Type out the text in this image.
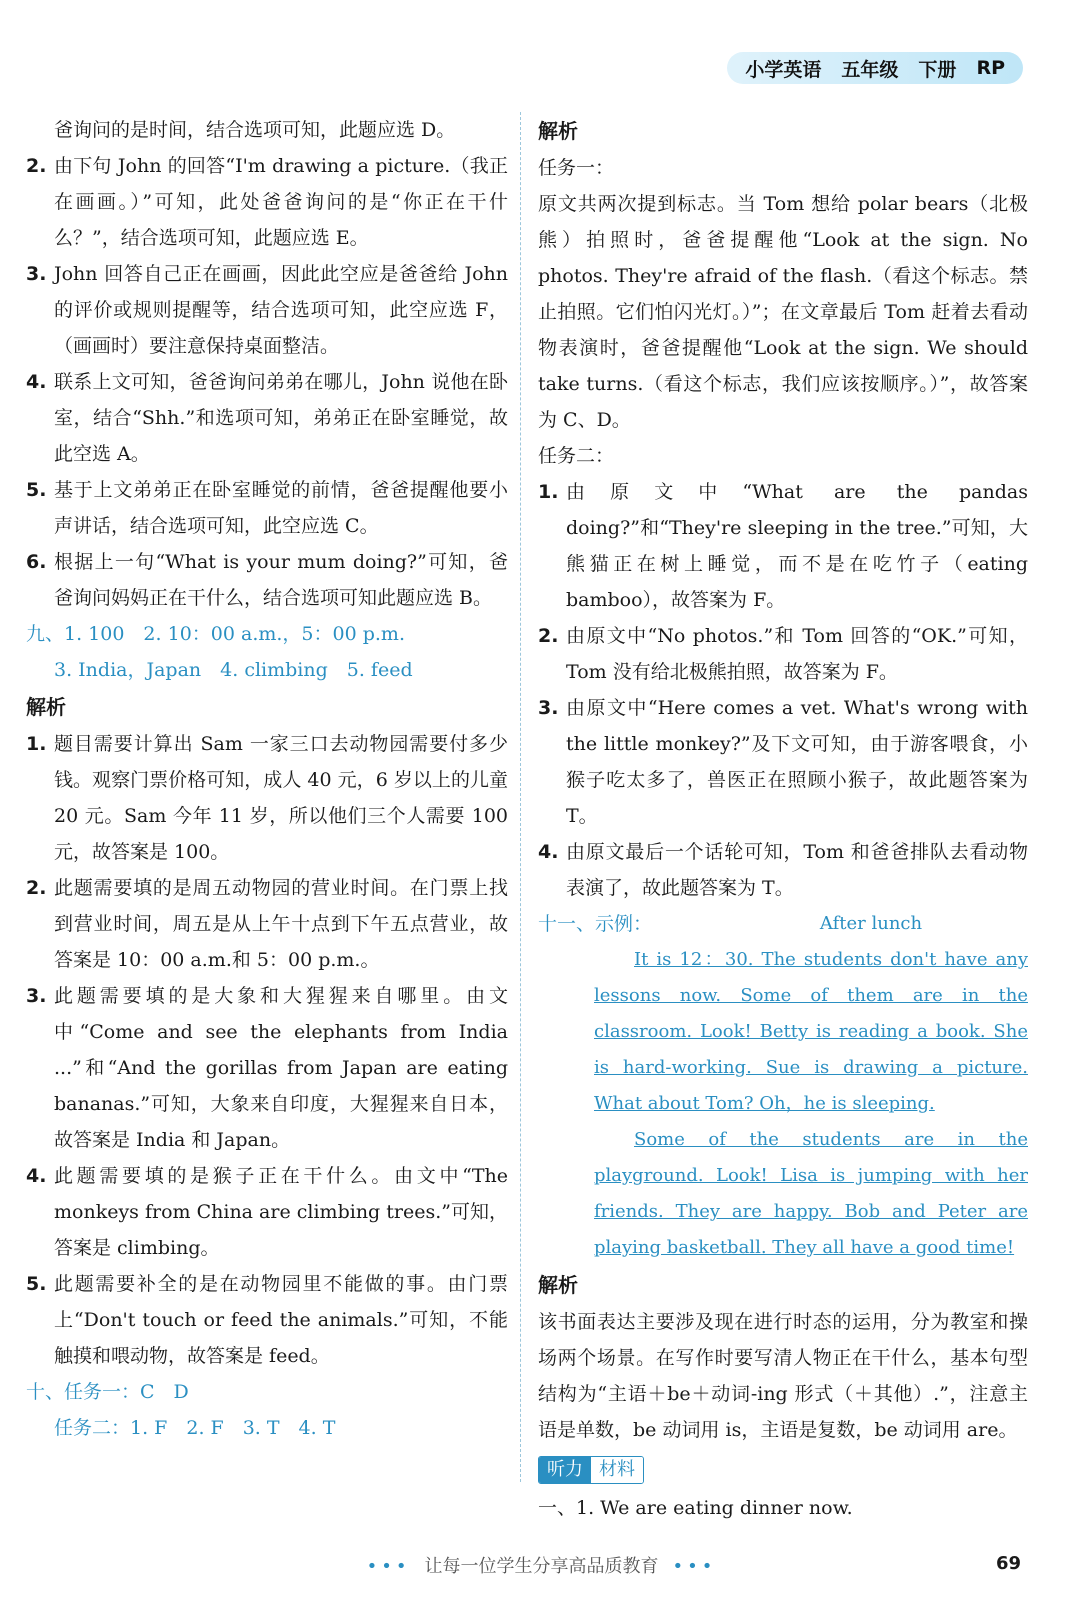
小学英语 五年级 下册 RP
爸询问的是时间，结合选项可知，此题应选 D。
2. 由下句 John 的回答“I'm drawing a picture.（我正在画画。）”可知，此处爸爸询问的是“你正在干什么？”，结合选项可知，此题应选 E。
3. John 回答自己正在画画，因此此空应是爸爸给 John 的评价或规则提醒等，结合选项可知，此空应选 F，（画画时）要注意保持桌面整洁。
4. 联系上文可知，爸爸询问弟弟在哪儿，John 说他在卧室，结合“Shh.”和选项可知，弟弟正在卧室睡觉，故此空选 A。
5. 基于上文弟弟正在卧室睡觉的前情，爸爸提醒他要小声讲话，结合选项可知，此空应选 C。
6. 根据上一句“What is your mum doing?”可知，爸爸询问妈妈正在干什么，结合选项可知此题应选 B。
九、1. 100　2. 10：00 a.m.，5：00 p.m.
3. India，Japan　4. climbing　5. feed
解析
1. 题目需要计算出 Sam 一家三口去动物园需要付多少钱。观察门票价格可知，成人 40 元，6 岁以上的儿童 20 元。Sam 今年 11 岁，所以他们三个人需要 100 元，故答案是 100。
2. 此题需要填的是周五动物园的营业时间。在门票上找到营业时间，周五是从上午十点到下午五点营业，故答案是 10：00 a.m.和 5：00 p.m.。
3. 此题需要填的是大象和大猩猩来自哪里。由文中“Come and see the elephants from India ...”和“And the gorillas from Japan are eating bananas.”可知，大象来自印度，大猩猩来自日本，故答案是 India 和 Japan。
4. 此题需要填的是猴子正在干什么。由文中“The monkeys from China are climbing trees.”可知，答案是 climbing。
5. 此题需要补全的是在动物园里不能做的事。由门票上“Don't touch or feed the animals.”可知，不能触摸和喂动物，故答案是 feed。
十、任务一：C　D
任务二：1. F　2. F　3. T　4. T
解析
任务一：
原文共两次提到标志。当 Tom 想给 polar bears（北极熊）拍照时，爸爸提醒他“Look at the sign. No photos. They're afraid of the flash.（看这个标志。禁止拍照。它们怕闪光灯。）”；在文章最后 Tom 赶着去看动物表演时，爸爸提醒他“Look at the sign. We should take turns.（看这个标志，我们应该按顺序。）”，故答案为 C、D。
任务二：
1. 由原文中“What are the pandas doing?”和“They're sleeping in the tree.”可知，大熊猫正在树上睡觉，而不是在吃竹子（eating bamboo），故答案为 F。
2. 由原文中“No photos.”和 Tom 回答的“OK.”可知，Tom 没有给北极熊拍照，故答案为 F。
3. 由原文中“Here comes a vet. What's wrong with the little monkey?”及下文可知，由于游客喂食，小猴子吃太多了，兽医正在照顾小猴子，故此题答案为 T。
4. 由原文最后一个话轮可知，Tom 和爸爸排队去看动物表演了，故此题答案为 T。
十一、示例：	After lunch

It is 12：30. The students don't have any lessons now. Some of them are in the classroom. Look! Betty is reading a book. She is hard-working. Sue is drawing a picture. What about Tom? Oh，he is sleeping.

Some of the students are in the playground. Look! Lisa is jumping with her friends. They are happy. Bob and Peter are playing basketball. They all have a good time!

解析
该书面表达主要涉及现在进行时态的运用，分为教室和操场两个场景。在写作时要写清人物正在干什么，基本句型结构为“主语＋be＋动词-ing 形式（＋其他）.”，注意主语是单数，be 动词用 is，主语是复数，be 动词用 are。
听力 材料
一、1. We are eating dinner now.
••• 让每一位学生分享高品质教育 •••	69
